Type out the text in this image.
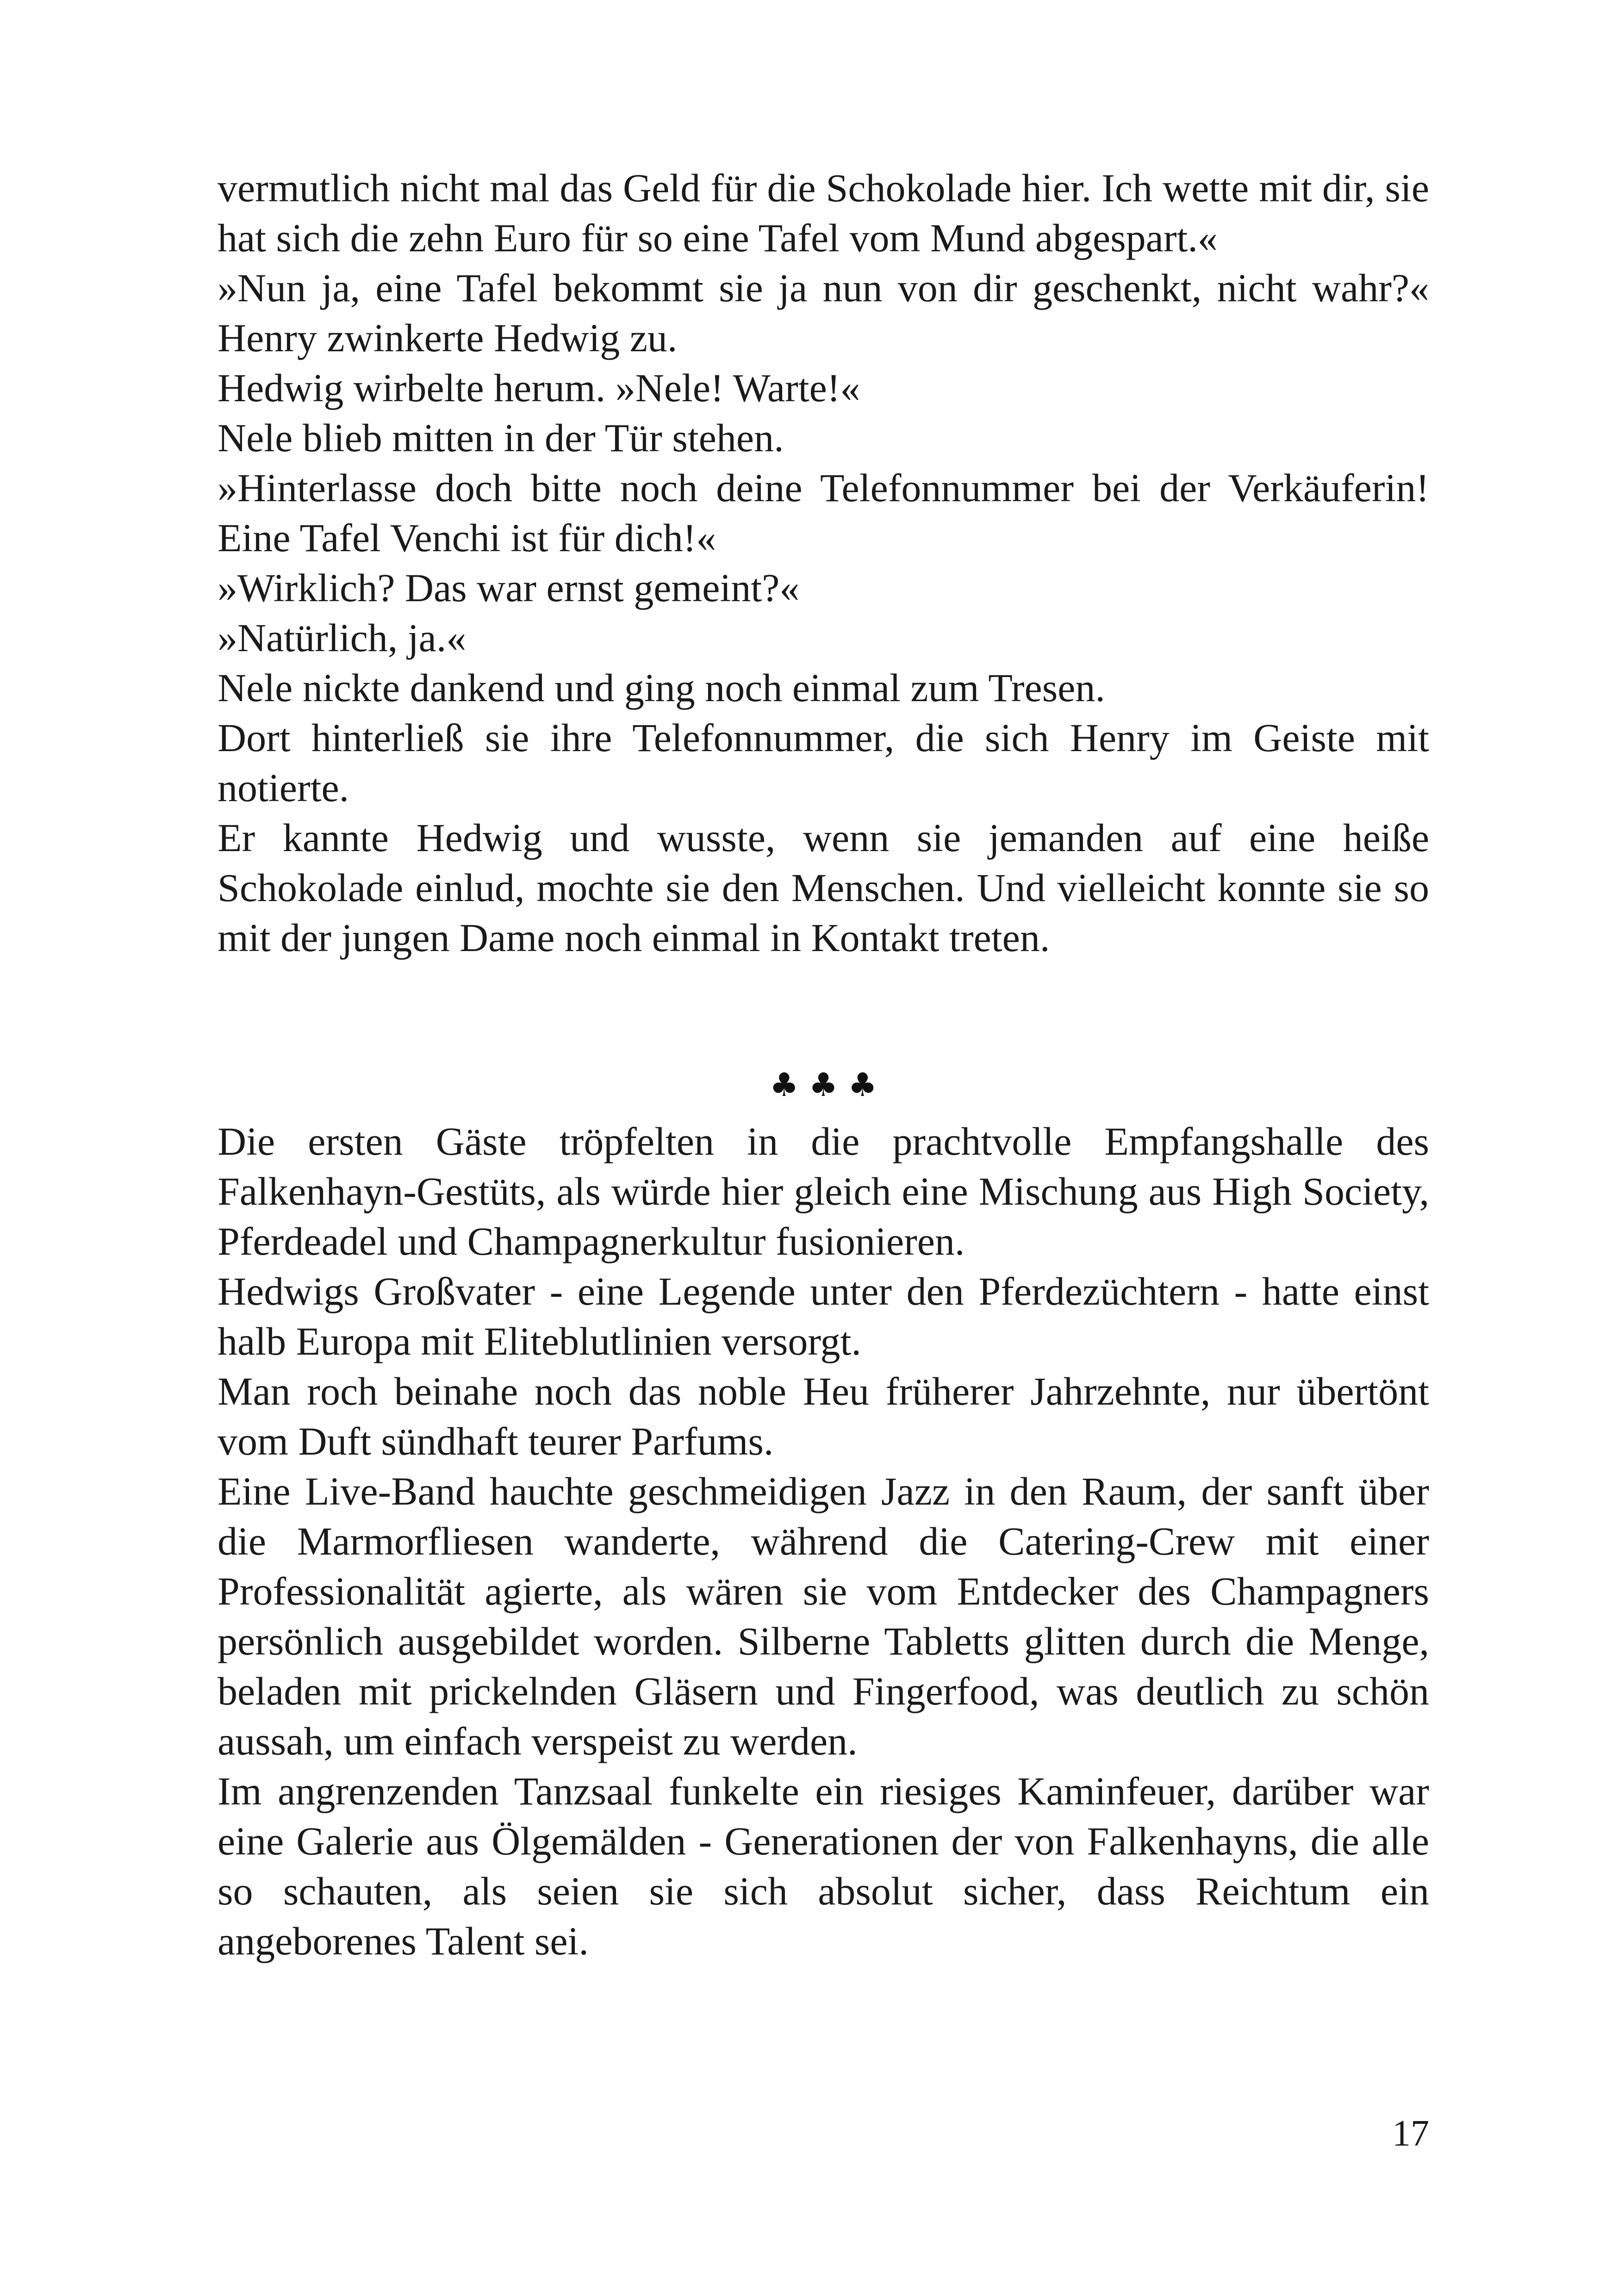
vermutlich nicht mal das Geld für die Schokolade hier. Ich wette mit dir, sie hat sich die zehn Euro für so eine Tafel vom Mund abgespart.«

»Nun ja, eine Tafel bekommt sie ja nun von dir geschenkt, nicht wahr?« Henry zwinkerte Hedwig zu.

Hedwig wirbelte herum. »Nele! Warte!«

Nele blieb mitten in der Tür stehen.

»Hinterlasse doch bitte noch deine Telefonnummer bei der Verkäuferin! Eine Tafel Venchi ist für dich!«

»Wirklich? Das war ernst gemeint?«

»Natürlich, ja.«

Nele nickte dankend und ging noch einmal zum Tresen.

Dort hinterließ sie ihre Telefonnummer, die sich Henry im Geiste mit notierte.

Er kannte Hedwig und wusste, wenn sie jemanden auf eine heiße Schokolade einlud, mochte sie den Menschen. Und vielleicht konnte sie so mit der jungen Dame noch einmal in Kontakt treten.

♣ ♣ ♣

Die ersten Gäste tröpfelten in die prachtvolle Empfangshalle des Falkenhayn-Gestüts, als würde hier gleich eine Mischung aus High Society, Pferdeadel und Champagnerkultur fusionieren.

Hedwigs Großvater - eine Legende unter den Pferdezüchtern - hatte einst halb Europa mit Eliteblutlinien versorgt.

Man roch beinahe noch das noble Heu früherer Jahrzehnte, nur übertönt vom Duft sündhaft teurer Parfums.

Eine Live-Band hauchte geschmeidigen Jazz in den Raum, der sanft über die Marmorfliesen wanderte, während die Catering-Crew mit einer Professionalität agierte, als wären sie vom Entdecker des Champagners persönlich ausgebildet worden. Silberne Tabletts glitten durch die Menge, beladen mit prickelnden Gläsern und Fingerfood, was deutlich zu schön aussah, um einfach verspeist zu werden.

Im angrenzenden Tanzsaal funkelte ein riesiges Kaminfeuer, darüber war eine Galerie aus Ölgemälden - Generationen der von Falkenhayns, die alle so schauten, als seien sie sich absolut sicher, dass Reichtum ein angeborenes Talent sei.

17
